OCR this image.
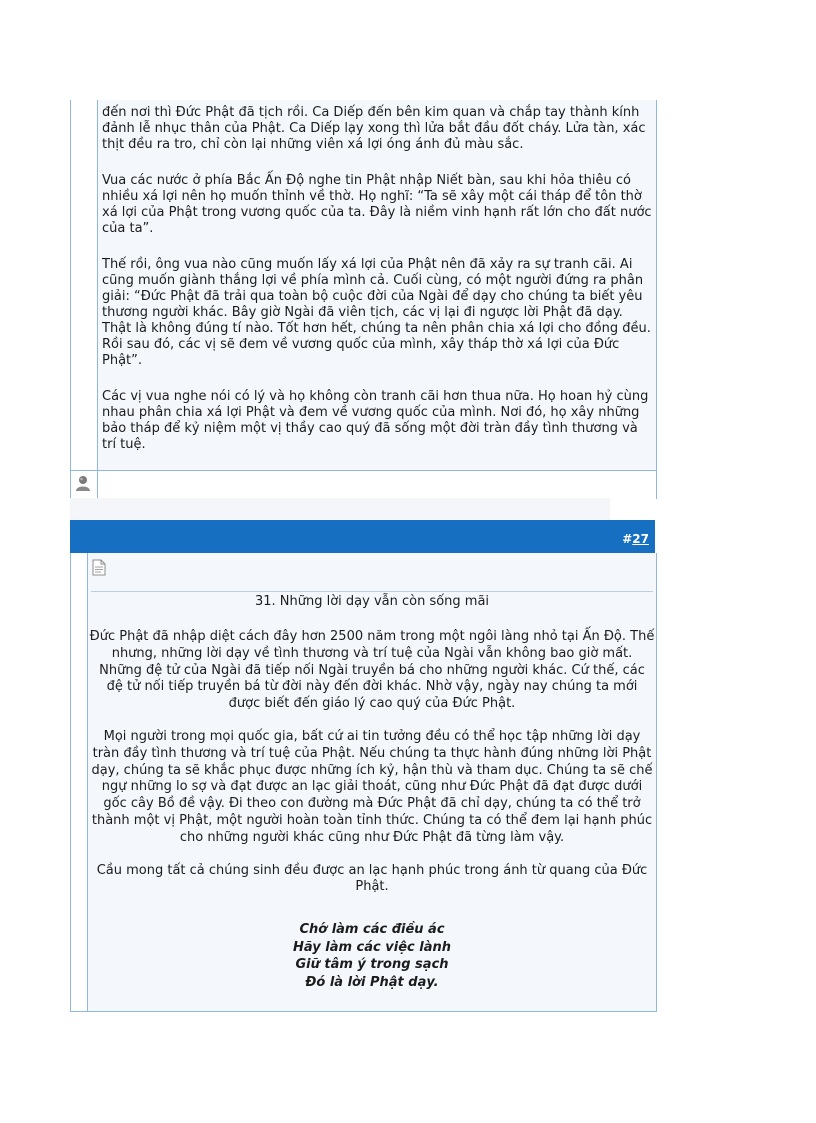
đến nơi thì Đức Phật đã tịch rồi. Ca Diếp đến bên kim quan và chắp tay thành kính đảnh lễ nhục thân của Phật. Ca Diếp lạy xong thì lửa bắt đầu đốt cháy. Lửa tàn, xác thịt đều ra tro, chỉ còn lại những viên xá lợi óng ánh đủ màu sắc.

Vua các nước ở phía Bắc Ấn Độ nghe tin Phật nhập Niết bàn, sau khi hỏa thiêu có nhiều xá lợi nên họ muốn thỉnh về thờ. Họ nghĩ: “Ta sẽ xây một cái tháp để tôn thờ xá lợi của Phật trong vương quốc của ta. Đây là niềm vinh hạnh rất lớn cho đất nước của ta”.

Thế rồi, ông vua nào cũng muốn lấy xá lợi của Phật nên đã xảy ra sự tranh cãi. Ai cũng muốn giành thắng lợi về phía mình cả. Cuối cùng, có một người đứng ra phân giải: “Đức Phật đã trải qua toàn bộ cuộc đời của Ngài để dạy cho chúng ta biết yêu thương người khác. Bây giờ Ngài đã viên tịch, các vị lại đi ngược lời Phật đã dạy. Thật là không đúng tí nào. Tốt hơn hết, chúng ta nên phân chia xá lợi cho đồng đều. Rồi sau đó, các vị sẽ đem về vương quốc của mình, xây tháp thờ xá lợi của Đức Phật”.

Các vị vua nghe nói có lý và họ không còn tranh cãi hơn thua nữa. Họ hoan hỷ cùng nhau phân chia xá lợi Phật và đem về vương quốc của mình. Nơi đó, họ xây những bảo tháp để kỷ niệm một vị thầy cao quý đã sống một đời tràn đầy tình thương và trí tuệ.

#27
31. Những lời dạy vẫn còn sống mãi

Đức Phật đã nhập diệt cách đây hơn 2500 năm trong một ngôi làng nhỏ tại Ấn Độ. Thế nhưng, những lời dạy về tình thương và trí tuệ của Ngài vẫn không bao giờ mất. Những đệ tử của Ngài đã tiếp nối Ngài truyền bá cho những người khác. Cứ thế, các đệ tử nối tiếp truyền bá từ đời này đến đời khác. Nhờ vậy, ngày nay chúng ta mới được biết đến giáo lý cao quý của Đức Phật.

Mọi người trong mọi quốc gia, bất cứ ai tin tưởng đều có thể học tập những lời dạy tràn đầy tình thương và trí tuệ của Phật. Nếu chúng ta thực hành đúng những lời Phật dạy, chúng ta sẽ khắc phục được những ích kỷ, hận thù và tham dục. Chúng ta sẽ chế ngự những lo sợ và đạt được an lạc giải thoát, cũng như Đức Phật đã đạt được dưới gốc cây Bồ đề vậy. Đi theo con đường mà Đức Phật đã chỉ dạy, chúng ta có thể trở thành một vị Phật, một người hoàn toàn tỉnh thức. Chúng ta có thể đem lại hạnh phúc cho những người khác cũng như Đức Phật đã từng làm vậy.

Cầu mong tất cả chúng sinh đều được an lạc hạnh phúc trong ánh từ quang của Đức Phật.

Chớ làm các điều ác
Hãy làm các việc lành
Giữ tâm ý trong sạch
Đó là lời Phật dạy.
